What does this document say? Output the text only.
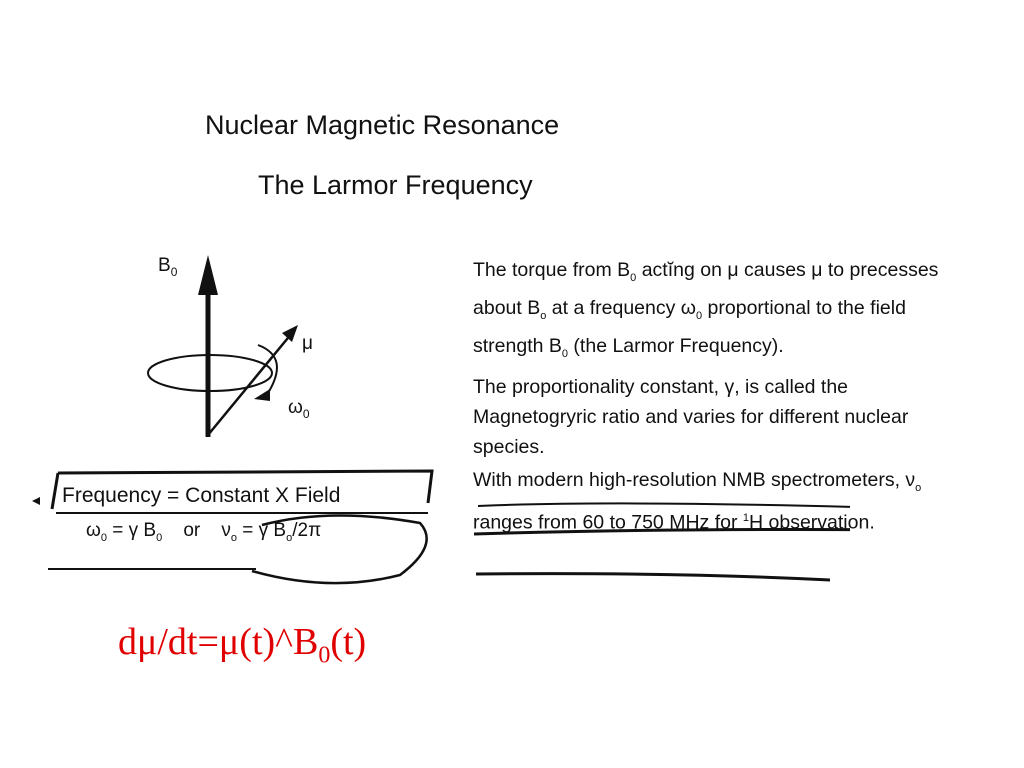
Nuclear Magnetic Resonance
The Larmor Frequency
$B_0$
μ
$\omega_0$

The torque from $B_0$ actĭng on μ causes μ to precesses about $B_o$ at a frequency $\omega_0$ proportional to the field strength $B_0$ (the Larmor Frequency).

The proportionality constant, γ, is called the Magnetogryric ratio and varies for different nuclear species.

With modern high-resolution NMB spectrometers, $\nu_o$ ranges from 60 to 750 MHz for $^1$H observation.

Frequency = Constant X Field
$\omega_0 = \gamma$ $B_0$ or $\nu_o = \gamma$ $B_o/2\pi$
$d\mu/dt=\mu(t)\^{}B_0(t)$
